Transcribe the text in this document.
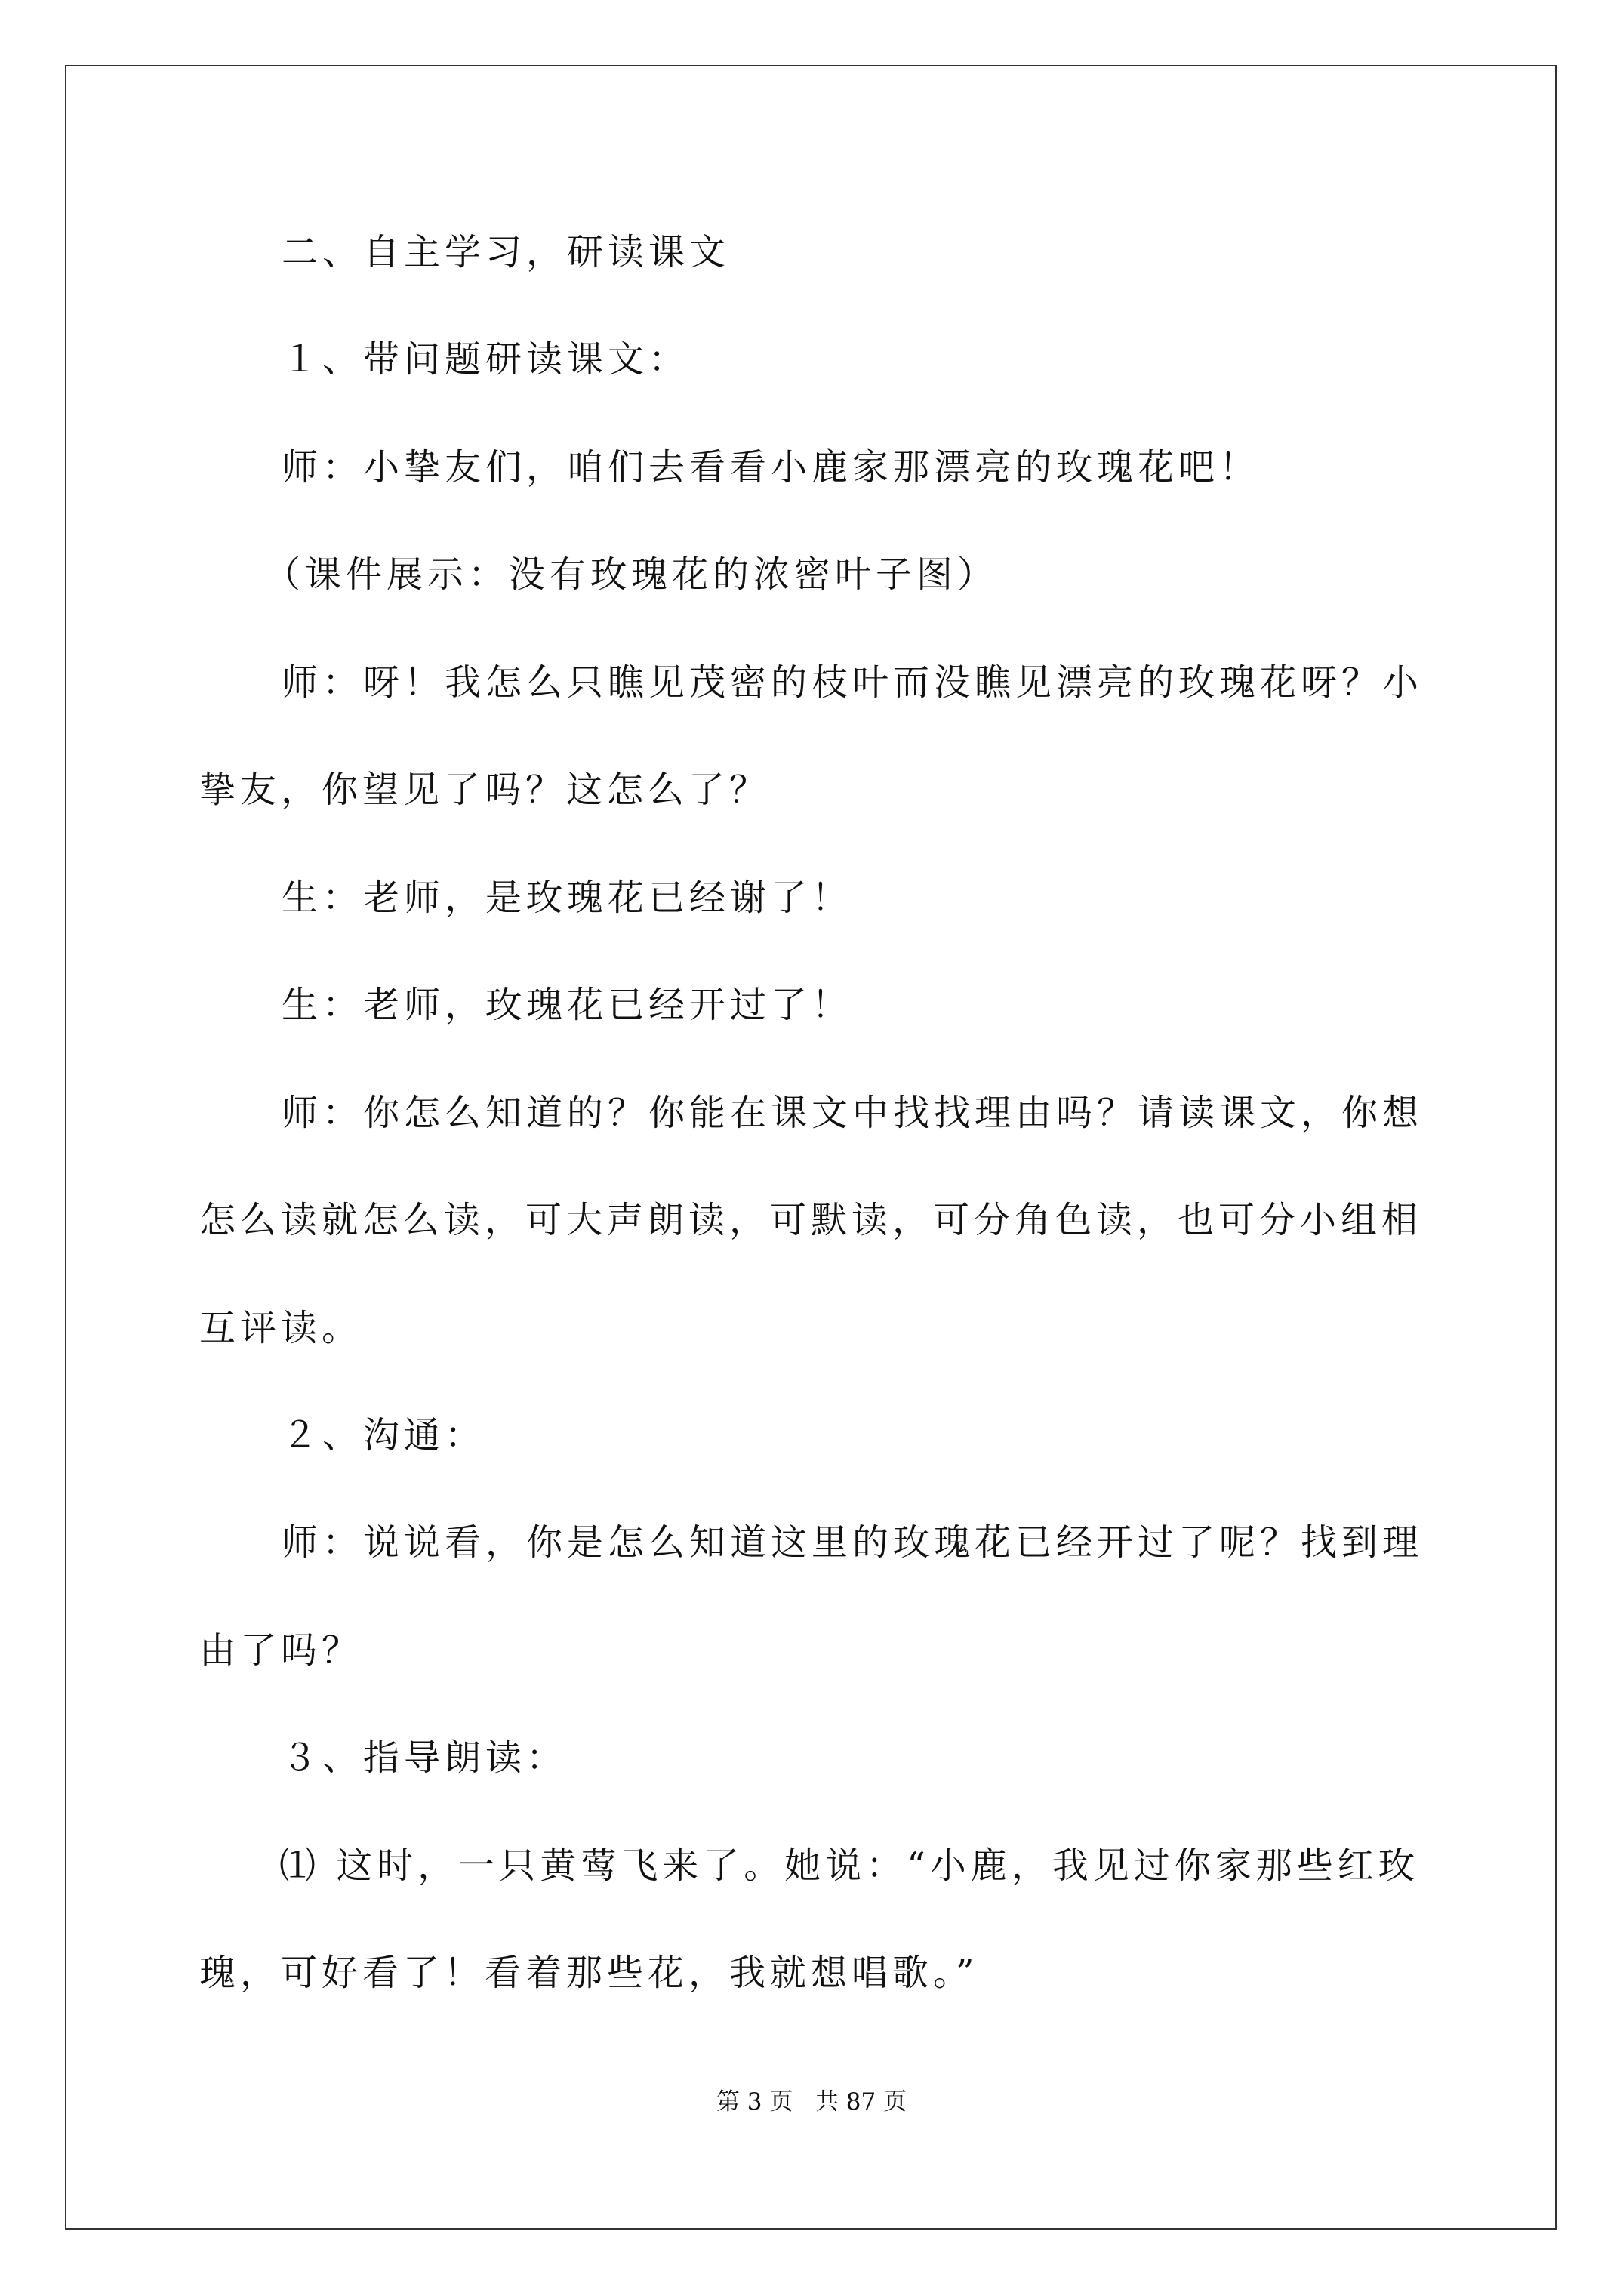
二、自主学习，研读课文
１、带问题研读课文：
师：小挚友们，咱们去看看小鹿家那漂亮的玫瑰花吧！
（课件展示：没有玫瑰花的浓密叶子图）
师：呀！我怎么只瞧见茂密的枝叶而没瞧见漂亮的玫瑰花呀？小
挚友，你望见了吗？这怎么了？
生：老师，是玫瑰花已经谢了！
生：老师，玫瑰花已经开过了！
师：你怎么知道的？你能在课文中找找理由吗？请读课文，你想
怎么读就怎么读，可大声朗读，可默读，可分角色读，也可分小组相
互评读。
２、沟通：
师：说说看，你是怎么知道这里的玫瑰花已经开过了呢？找到理
由了吗？
３、指导朗读：
⑴ 这时，一只黄莺飞来了。她说：“小鹿，我见过你家那些红玫
瑰，可好看了！看着那些花，我就想唱歌。”
第 3 页   共 87 页
